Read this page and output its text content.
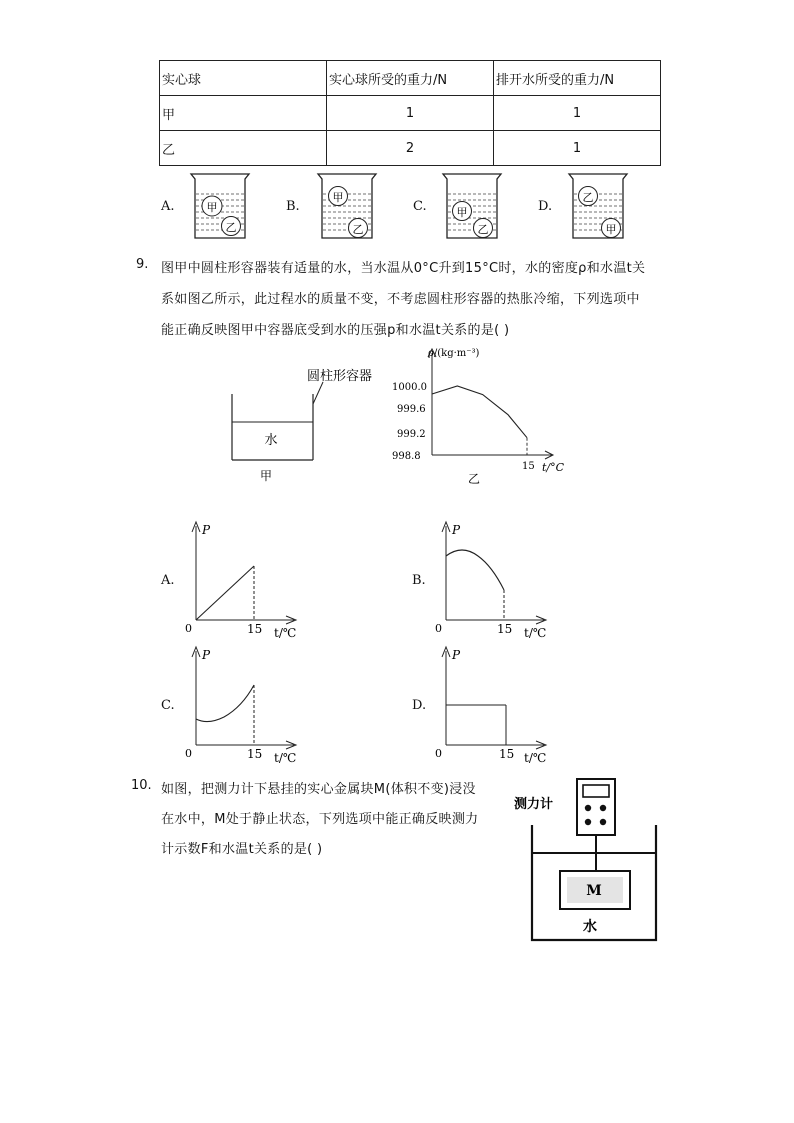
实心球	实心球所受的重力/N	排开水所受的重力/N
甲	1	1
乙	2	1
A.	B.	C.	D.
甲
乙
甲
乙
甲
乙
乙
甲
9. 图甲中圆柱形容器装有适量的水，当水温从0°C升到15°C时，水的密度ρ和水温t关
系如图乙所示，此过程水的质量不变，不考虑圆柱形容器的热胀冷缩，下列选项中
能正确反映图甲中容器底受到水的压强p和水温t关系的是( )
圆柱形容器
水
甲
ρ/(kg·m⁻³)
1000.0
999.6
999.2
998.8
15 t/°C
乙
A.
P
0	15 t/℃
B.
P
0	15 t/℃
C.
P
0	15 t/℃
D.
P
0	15 t/℃
10. 如图，把测力计下悬挂的实心金属块M(体积不变)浸没
在水中，M处于静止状态，下列选项中能正确反映测力
计示数F和水温t关系的是( )
测力计
M
水
